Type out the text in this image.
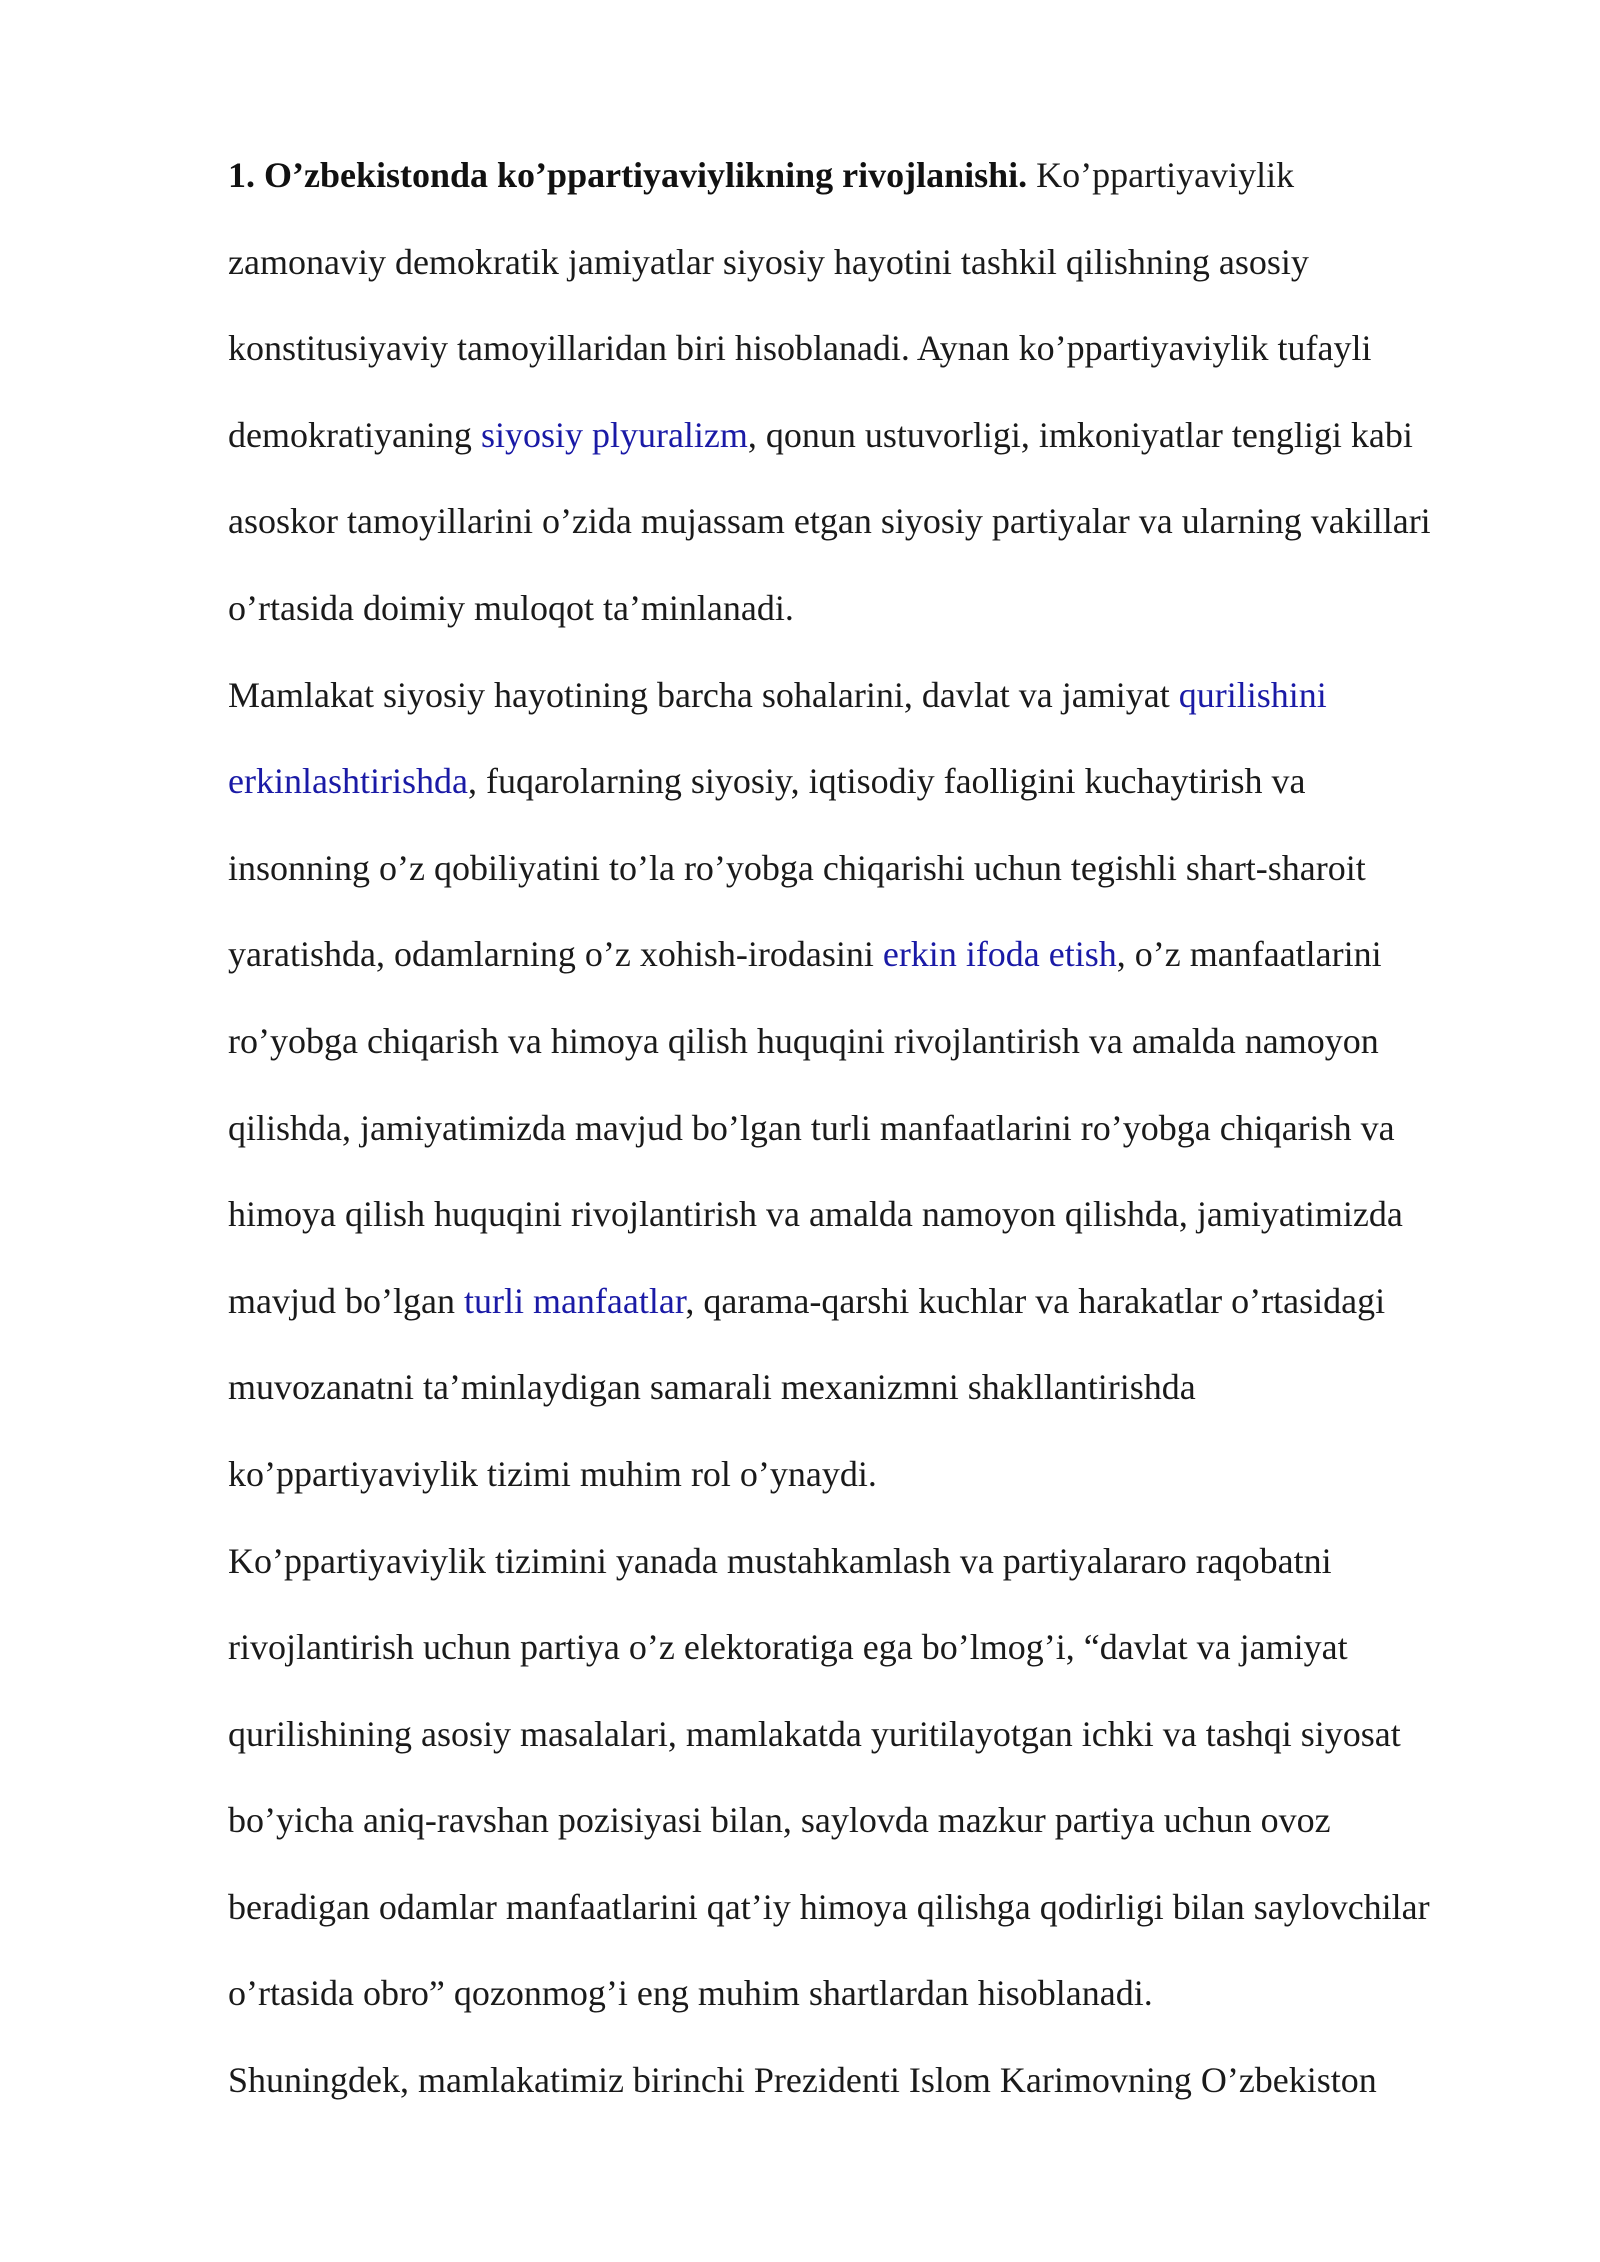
1. O’zbekistonda ko’ppartiyaviylikning rivojlanishi. Ko’ppartiyaviylik
zamonaviy demokratik jamiyatlar siyosiy hayotini tashkil qilishning asosiy
konstitusiyaviy tamoyillaridan biri hisoblanadi. Aynan ko’ppartiyaviylik tufayli
demokratiyaning siyosiy plyuralizm, qonun ustuvorligi, imkoniyatlar tengligi kabi
asoskor tamoyillarini o’zida mujassam etgan siyosiy partiyalar va ularning vakillari
o’rtasida doimiy muloqot ta’minlanadi.
Mamlakat siyosiy hayotining barcha sohalarini, davlat va jamiyat qurilishini
erkinlashtirishda, fuqarolarning siyosiy, iqtisodiy faolligini kuchaytirish va
insonning o’z qobiliyatini to’la ro’yobga chiqarishi uchun tegishli shart-sharoit
yaratishda, odamlarning o’z xohish-irodasini erkin ifoda etish, o’z manfaatlarini
ro’yobga chiqarish va himoya qilish huquqini rivojlantirish va amalda namoyon
qilishda, jamiyatimizda mavjud bo’lgan turli manfaatlarini ro’yobga chiqarish va
himoya qilish huquqini rivojlantirish va amalda namoyon qilishda, jamiyatimizda
mavjud bo’lgan turli manfaatlar, qarama-qarshi kuchlar va harakatlar o’rtasidagi
muvozanatni ta’minlaydigan samarali mexanizmni shakllantirishda
ko’ppartiyaviylik tizimi muhim rol o’ynaydi.
Ko’ppartiyaviylik tizimini yanada mustahkamlash va partiyalararo raqobatni
rivojlantirish uchun partiya o’z elektoratiga ega bo’lmog’i, “davlat va jamiyat
qurilishining asosiy masalalari, mamlakatda yuritilayotgan ichki va tashqi siyosat
bo’yicha aniq-ravshan pozisiyasi bilan, saylovda mazkur partiya uchun ovoz
beradigan odamlar manfaatlarini qat’iy himoya qilishga qodirligi bilan saylovchilar
o’rtasida obro” qozonmog’i eng muhim shartlardan hisoblanadi.
Shuningdek, mamlakatimiz birinchi Prezidenti Islom Karimovning O’zbekiston
